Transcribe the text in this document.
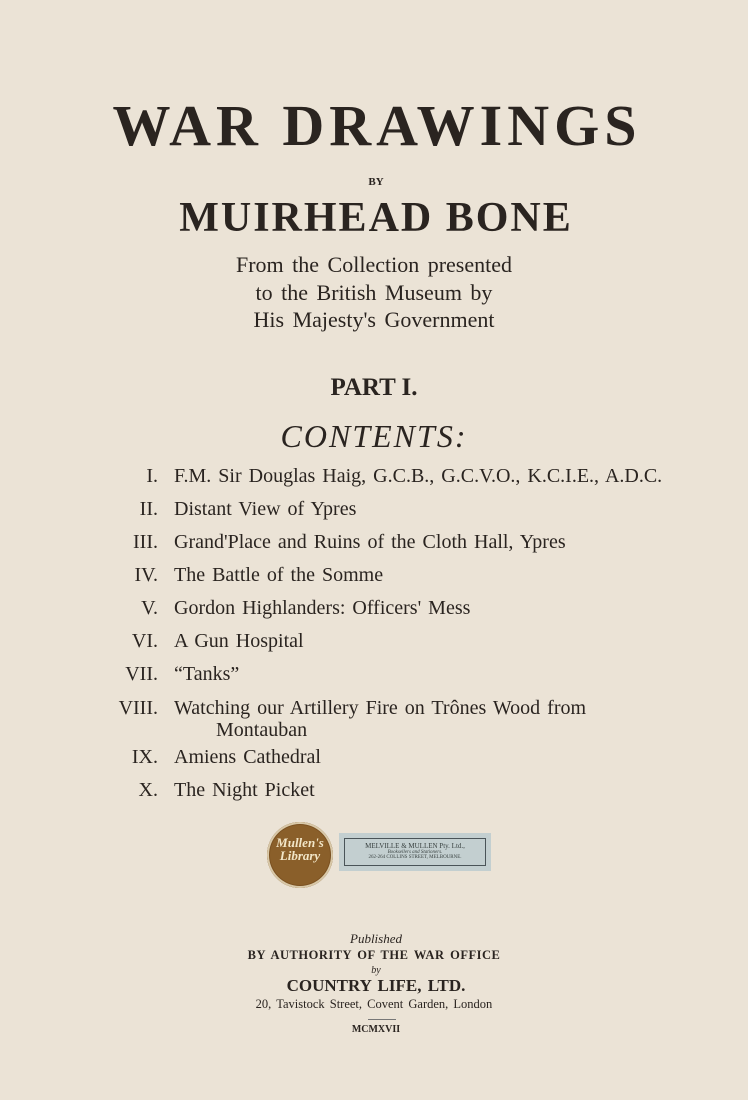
WAR DRAWINGS
BY
MUIRHEAD BONE
From the Collection presented
to the British Museum by
His Majesty's Government
PART I.
CONTENTS:
I. F.M. Sir Douglas Haig, G.C.B., G.C.V.O., K.C.I.E., A.D.C.
II. Distant View of Ypres
III. Grand'Place and Ruins of the Cloth Hall, Ypres
IV. The Battle of the Somme
V. Gordon Highlanders: Officers' Mess
VI. A Gun Hospital
VII. “Tanks”
VIII. Watching our Artillery Fire on Trônes Wood from
Montauban
IX. Amiens Cathedral
X. The Night Picket
Mullen's Library
MELVILLE & MULLEN Pty. Ltd.,
Booksellers and Stationers.
262-264 COLLINS STREET, MELBOURNE.
Published
BY AUTHORITY OF THE WAR OFFICE
by
COUNTRY LIFE, LTD.
20, Tavistock Street, Covent Garden, London
MCMXVII
